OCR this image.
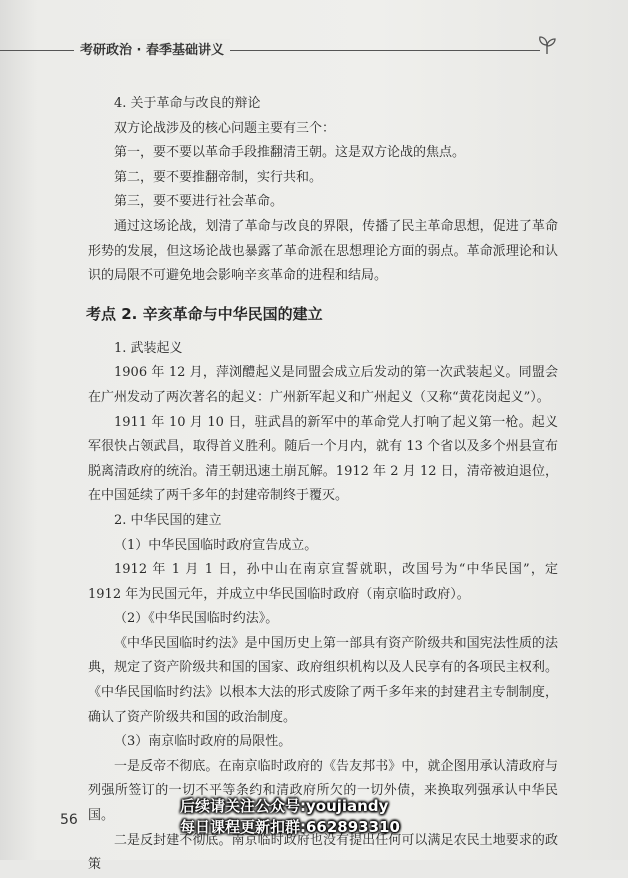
考研政治 · 春季基础讲义

4. 关于革命与改良的辩论

双方论战涉及的核心问题主要有三个：

第一，要不要以革命手段推翻清王朝。这是双方论战的焦点。

第二，要不要推翻帝制，实行共和。

第三，要不要进行社会革命。

通过这场论战，划清了革命与改良的界限，传播了民主革命思想，促进了革命形势的发展，但这场论战也暴露了革命派在思想理论方面的弱点。革命派理论和认识的局限不可避免地会影响辛亥革命的进程和结局。

考点 2. 辛亥革命与中华民国的建立

1. 武装起义

1906 年 12 月，萍浏醴起义是同盟会成立后发动的第一次武装起义。同盟会在广州发动了两次著名的起义：广州新军起义和广州起义（又称“黄花岗起义”）。

1911 年 10 月 10 日，驻武昌的新军中的革命党人打响了起义第一枪。起义军很快占领武昌，取得首义胜利。随后一个月内，就有 13 个省以及多个州县宣布脱离清政府的统治。清王朝迅速土崩瓦解。1912 年 2 月 12 日，清帝被迫退位，在中国延续了两千多年的封建帝制终于覆灭。

2. 中华民国的建立

（1）中华民国临时政府宣告成立。

1912 年 1 月 1 日，孙中山在南京宣誓就职，改国号为“中华民国”，定 1912 年为民国元年，并成立中华民国临时政府（南京临时政府）。

（2）《中华民国临时约法》。

《中华民国临时约法》是中国历史上第一部具有资产阶级共和国宪法性质的法典，规定了资产阶级共和国的国家、政府组织机构以及人民享有的各项民主权利。《中华民国临时约法》以根本大法的形式废除了两千多年来的封建君主专制制度，确认了资产阶级共和国的政治制度。

（3）南京临时政府的局限性。

一是反帝不彻底。在南京临时政府的《告友邦书》中，就企图用承认清政府与列强所签订的一切不平等条约和清政府所欠的一切外债，来换取列强承认中华民国。

二是反封建不彻底。南京临时政府也没有提出任何可以满足农民土地要求的政策

56
后续请关注公众号:youjiandy
每日课程更新扣群:662893310
